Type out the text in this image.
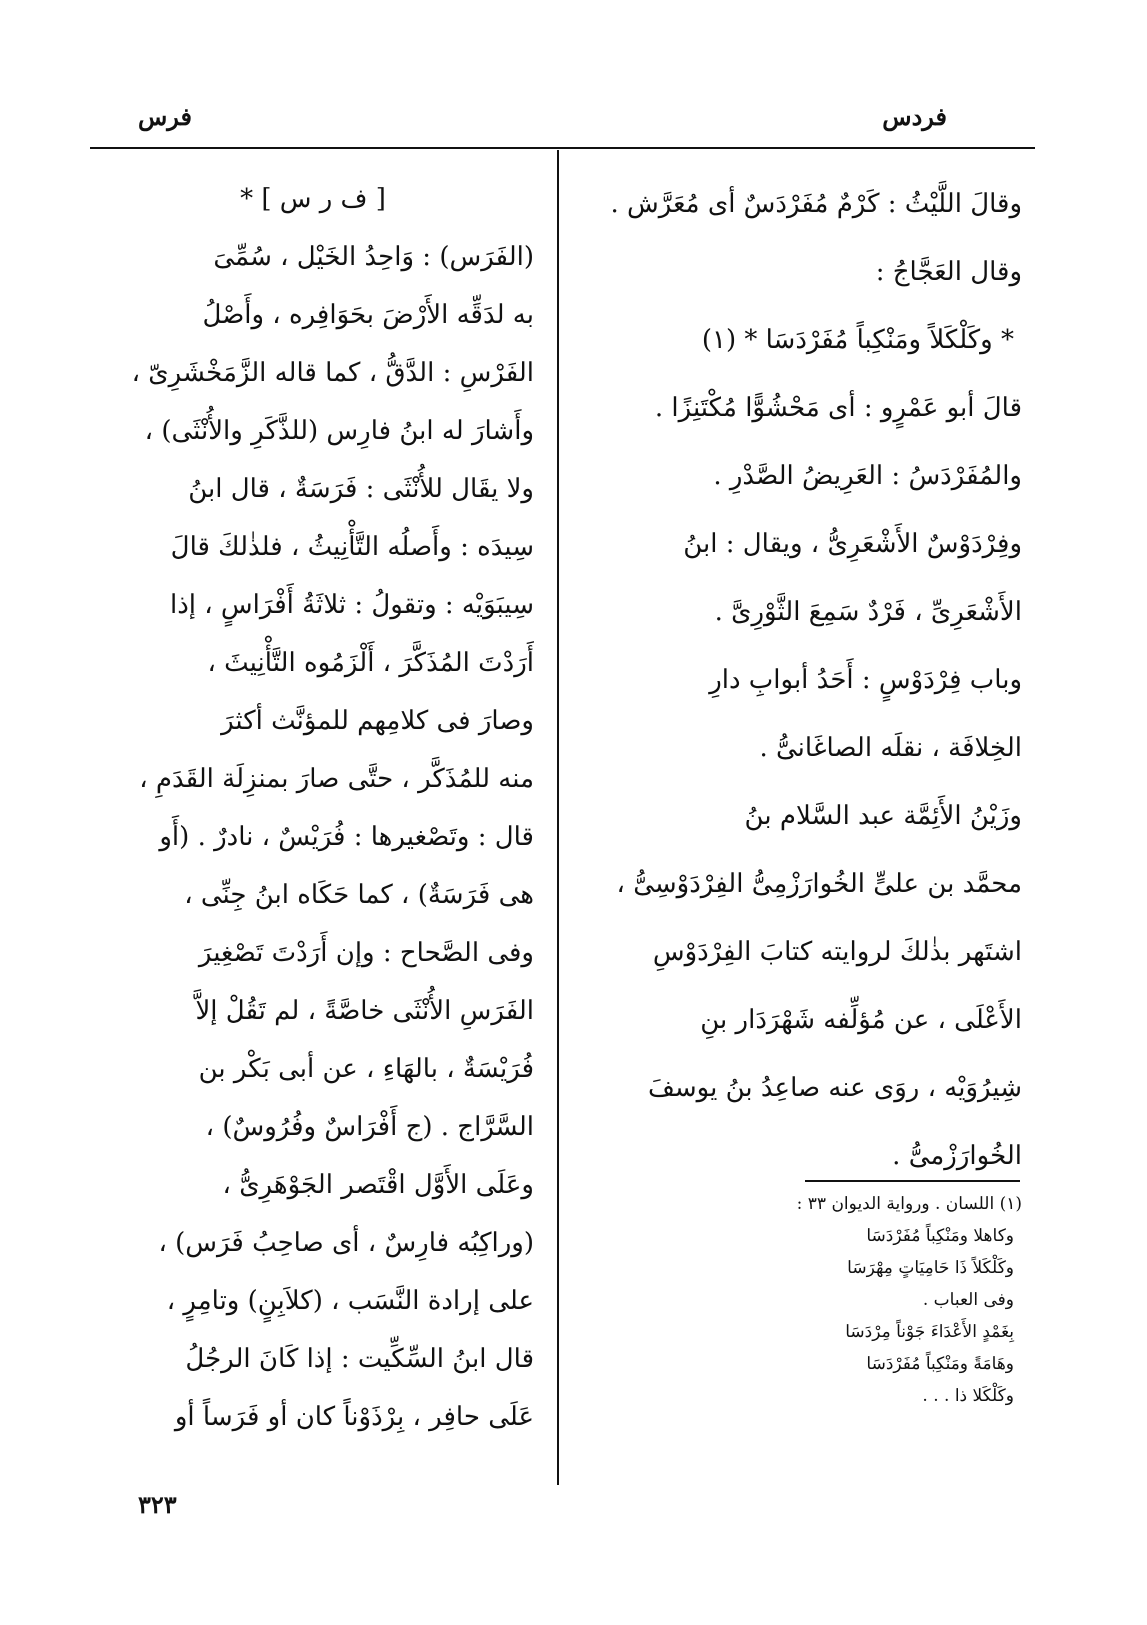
فردس
فرس
وقالَ اللَّيْثُ : كَرْمٌ مُفَرْدَسٌ أى مُعَرَّش .
وقال العَجَّاجُ :
* وكَلْكَلاً ومَنْكِباً مُفَرْدَسَا * (١)
قالَ أبو عَمْرٍو : أى مَحْشُوًّا مُكْتَنِزًا .
والمُفَرْدَسُ : العَرِيضُ الصَّدْرِ .
وفِرْدَوْسٌ الأَشْعَرِىُّ ، ويقال : ابنُ
الأَشْعَرِىِّ ، فَرْدٌ سَمِعَ الثَّوْرِىَّ .
وباب فِرْدَوْسٍ : أَحَدُ أبوابِ دارِ
الخِلافَة ، نقلَه الصاغَانىُّ .
وزَيْنُ الأَئِمَّة عبد السَّلام بنُ
محمَّد بن علىٍّ الخُوارَزْمِىُّ الفِرْدَوْسِىُّ ،
اشتَهر بذٰلكَ لروايته كتابَ الفِرْدَوْسِ
الأَعْلَى ، عن مُؤلِّفه شَهْرَدَار بنِ
شِيرُوَيْه ، روَى عنه صاعِدُ بنُ يوسفَ
الخُوارَزْمىُّ .
[ ف ر س ] *
(الفَرَس) : وَاحِدُ الخَيْل ، سُمِّىَ
به لدَقِّه الأَرْضَ بحَوَافِره ، وأَصْلُ
الفَرْسِ : الدَّقُّ ، كما قاله الزَّمَخْشَرِىّ ،
وأَشارَ له ابنُ فارِس (للذَّكَرِ والأُنْثَى) ،
ولا يقَال للأُنْثَى : فَرَسَةٌ ، قال ابنُ
سِيدَه : وأَصلُه التَّأْنِيثُ ، فلذٰلكَ قالَ
سِيبَوَيْه : وتقولُ : ثلاثَةُ أَفْرَاسٍ ، إذا
أَرَدْتَ المُذَكَّرَ ، أَلْزَمُوه التَّأْنِيثَ ،
وصارَ فى كلامِهم للمؤنَّث أكثرَ
منه للمُذَكَّر ، حتَّى صارَ بمنزِلَة القَدَمِ ،
قال : وتَصْغيرها : فُرَيْسٌ ، نادرٌ . (أَو
هى فَرَسَةٌ) ، كما حَكَاه ابنُ جِنِّى ،
وفى الصَّحاح : وإن أَرَدْتَ تَصْغِيرَ
الفَرَسِ الأُنْثَى خاصَّةً ، لم تَقُلْ إلاَّ
فُرَيْسَةٌ ، بالهَاءِ ، عن أبى بَكْر بن
السَّرَّاج . (ج أَفْرَاسٌ وفُرُوسٌ) ،
وعَلَى الأَوَّل اقْتَصر الجَوْهَرِىُّ ،
(وراكِبُه فارِسٌ ، أى صاحِبُ فَرَس) ،
على إرادة النَّسَب ، (كلاَبِنٍ) وتامِرٍ ،
قال ابنُ السِّكِّيت : إذا كَانَ الرجُلُ
عَلَى حافِر ، بِرْذَوْناً كان أو فَرَساً أو
(١) اللسان . ورواية الديوان ٣٣ :
وكاهلا ومَنْكِباً مُفَرْدَسَا
وكَلْكَلاً ذَا حَامِيَاتٍ مِهْرَسَا
وفى العباب .
بِغَمْدٍ الأَعْدَاءَ جَوْناً مِرْدَسَا
وهَامَةً ومَنْكِباً مُفَرْدَسَا
وكَلْكَلا ذا . . .
٣٢٣
